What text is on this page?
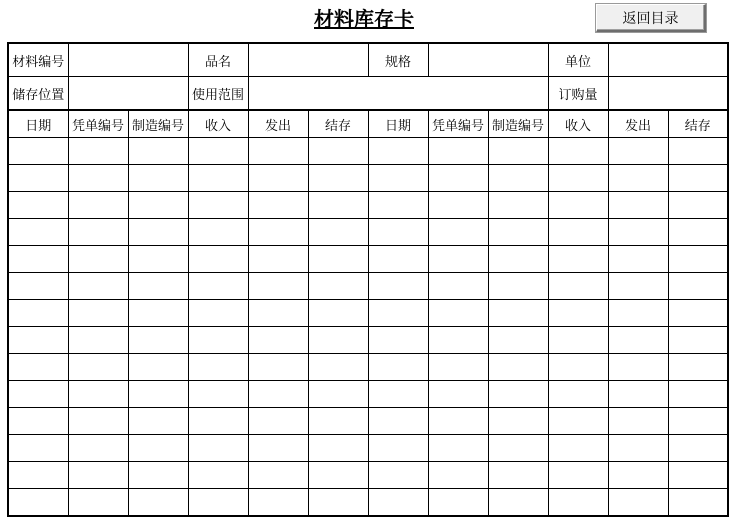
材料库存卡	返回目录
材料编号			品名			规格			单位		
储存位置			使用范围						订购量		
日期	凭单编号	制造编号	收入	发出	结存	日期	凭单编号	制造编号	收入	发出	结存
